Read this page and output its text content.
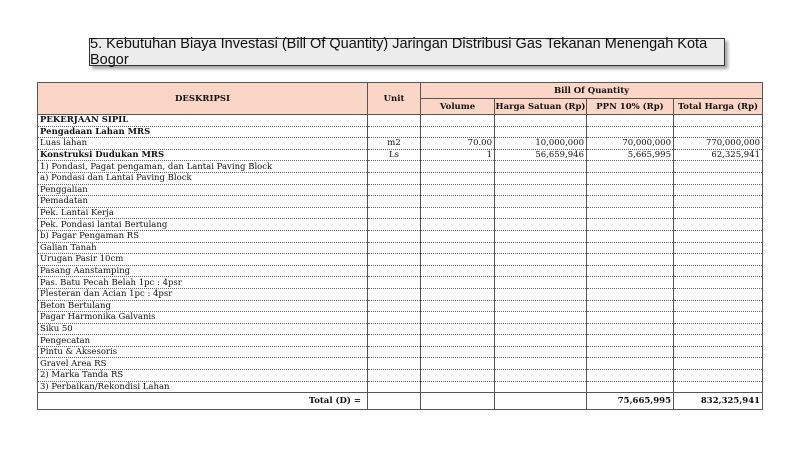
5. Kebutuhan Biaya Investasi (Bill Of Quantity) Jaringan Distribusi Gas Tekanan Menengah Kota Bogor
DESKRIPSI	Unit	Bill Of Quantity			
		Volume	Harga Satuan (Rp)	PPN 10% (Rp)	Total Harga (Rp)
PEKERJAAN SIPIL					
Pengadaan Lahan MRS					
Luas lahan	m2	70.00	10,000,000	70,000,000	770,000,000
Konstruksi Dudukan MRS	Ls	1	56,659,946	5,665,995	62,325,941
1) Pondasi, Pagat pengaman, dan Lantai Paving Block					
a) Pondasi dan Lantai Paving Block					
Penggalian					
Pemadatan					
Pek. Lantai Kerja					
Pek. Pondasi lantai Bertulang					
b) Pagar Pengaman RS					
Galian Tanah					
Urugan Pasir 10cm					
Pasang Aanstamping					
Pas. Batu Pecah Belah 1pc : 4psr					
Plesteran dan Acian 1pc : 4psr					
Beton Bertulang					
Pagar Harmonika Galvanis					
Siku 50					
Pengecatan					
Pintu & Aksesoris					
Gravel Area RS					
2) Marka Tanda RS					
3) Perbaikan/Rekondisi Lahan					
Total (D) =				75,665,995	832,325,941
